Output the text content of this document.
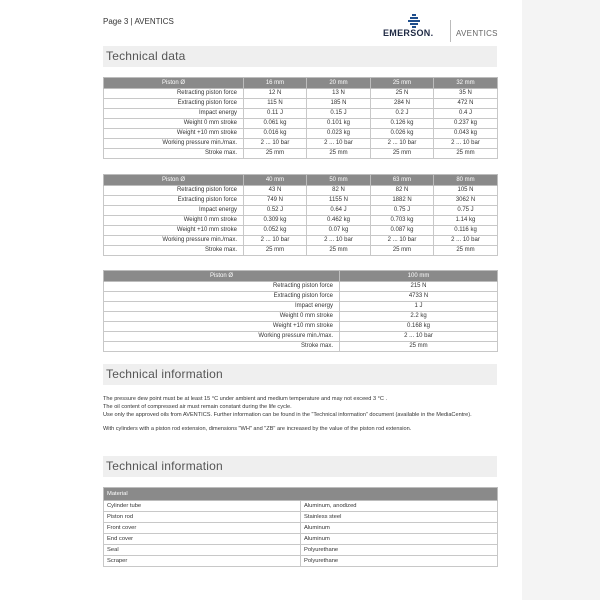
Page 3 | AVENTICS
EMERSON.	AVENTICS
Technical data
Piston Ø	16 mm	20 mm	25 mm	32 mm
Retracting piston force	12 N	13 N	25 N	35 N
Extracting piston force	115 N	185 N	284 N	472 N
Impact energy	0.11 J	0.15 J	0.2 J	0.4 J
Weight 0 mm stroke	0.061 kg	0.101 kg	0.126 kg	0.237 kg
Weight +10 mm stroke	0.016 kg	0.023 kg	0.026 kg	0.043 kg
Working pressure min./max.	2 ... 10 bar	2 ... 10 bar	2 ... 10 bar	2 ... 10 bar
Stroke max.	25 mm	25 mm	25 mm	25 mm
Piston Ø	40 mm	50 mm	63 mm	80 mm
Retracting piston force	43 N	82 N	82 N	105 N
Extracting piston force	749 N	1155 N	1882 N	3062 N
Impact energy	0.52 J	0.64 J	0.75 J	0.75 J
Weight 0 mm stroke	0.309 kg	0.462 kg	0.703 kg	1.14 kg
Weight +10 mm stroke	0.052 kg	0.07 kg	0.087 kg	0.116 kg
Working pressure min./max.	2 ... 10 bar	2 ... 10 bar	2 ... 10 bar	2 ... 10 bar
Stroke max.	25 mm	25 mm	25 mm	25 mm
Piston Ø	100 mm
Retracting piston force	215 N
Extracting piston force	4733 N
Impact energy	1 J
Weight 0 mm stroke	2.2 kg
Weight +10 mm stroke	0.168 kg
Working pressure min./max.	2 ... 10 bar
Stroke max.	25 mm
Technical information
The pressure dew point must be at least 15 °C under ambient and medium temperature and may not exceed 3 °C .
The oil content of compressed air must remain constant during the life cycle.
Use only the approved oils from AVENTICS. Further information can be found in the “Technical information” document (available in the MediaCentre).
With cylinders with a piston rod extension, dimensions "WH" and "ZB" are increased by the value of the piston rod extension.
Technical information
Material	
Cylinder tube	Aluminum, anodized
Piston rod	Stainless steel
Front cover	Aluminum
End cover	Aluminum
Seal	Polyurethane
Scraper	Polyurethane
